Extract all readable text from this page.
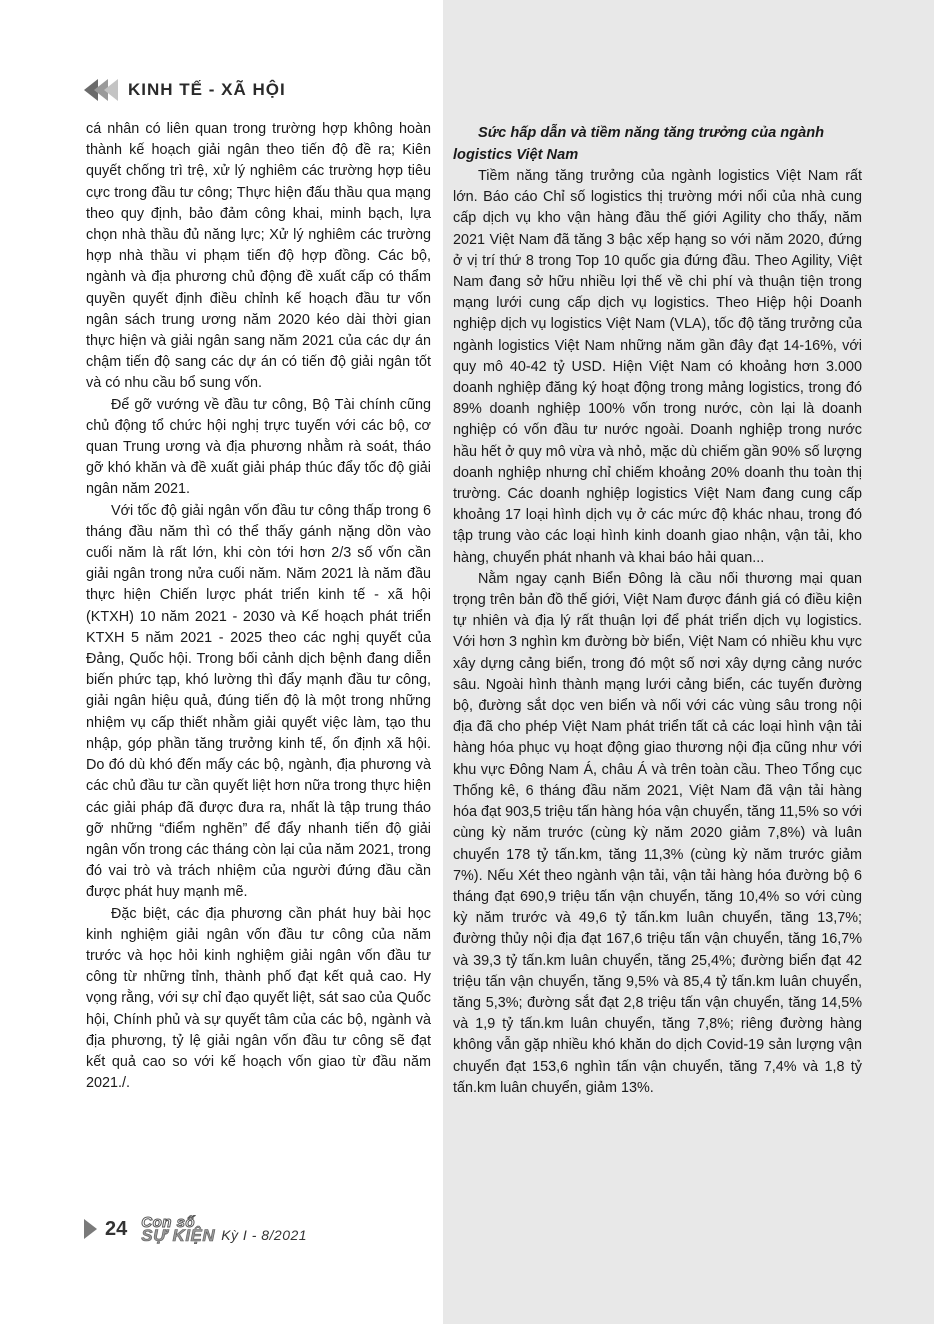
KINH TẾ - XÃ HỘI

cá nhân có liên quan trong trường hợp không hoàn thành kế hoạch giải ngân theo tiến độ đề ra; Kiên quyết chống trì trệ, xử lý nghiêm các trường hợp tiêu cực trong đầu tư công; Thực hiện đấu thầu qua mạng theo quy định, bảo đảm công khai, minh bạch, lựa chọn nhà thầu đủ năng lực; Xử lý nghiêm các trường hợp nhà thầu vi phạm tiến độ hợp đồng. Các bộ, ngành và địa phương chủ động đề xuất cấp có thẩm quyền quyết định điều chỉnh kế hoạch đầu tư vốn ngân sách trung ương năm 2020 kéo dài thời gian thực hiện và giải ngân sang năm 2021 của các dự án chậm tiến độ sang các dự án có tiến độ giải ngân tốt và có nhu cầu bổ sung vốn.

Để gỡ vướng về đầu tư công, Bộ Tài chính cũng chủ động tổ chức hội nghị trực tuyến với các bộ, cơ quan Trung ương và địa phương nhằm rà soát, tháo gỡ khó khăn và đề xuất giải pháp thúc đẩy tốc độ giải ngân năm 2021.

Với tốc độ giải ngân vốn đầu tư công thấp trong 6 tháng đầu năm thì có thể thấy gánh nặng dồn vào cuối năm là rất lớn, khi còn tới hơn 2/3 số vốn cần giải ngân trong nửa cuối năm. Năm 2021 là năm đầu thực hiện Chiến lược phát triển kinh tế - xã hội (KTXH) 10 năm 2021 - 2030 và Kế hoạch phát triển KTXH 5 năm 2021 - 2025 theo các nghị quyết của Đảng, Quốc hội. Trong bối cảnh dịch bệnh đang diễn biến phức tạp, khó lường thì đẩy mạnh đầu tư công, giải ngân hiệu quả, đúng tiến độ là một trong những nhiệm vụ cấp thiết nhằm giải quyết việc làm, tạo thu nhập, góp phần tăng trưởng kinh tế, ổn định xã hội. Do đó dù khó đến mấy các bộ, ngành, địa phương và các chủ đầu tư cần quyết liệt hơn nữa trong thực hiện các giải pháp đã được đưa ra, nhất là tập trung tháo gỡ những “điểm nghẽn” để đẩy nhanh tiến độ giải ngân vốn trong các tháng còn lại của năm 2021, trong đó vai trò và trách nhiệm của người đứng đầu cần được phát huy mạnh mẽ.

Đặc biệt, các địa phương cần phát huy bài học kinh nghiệm giải ngân vốn đầu tư công của năm trước và học hỏi kinh nghiệm giải ngân vốn đầu tư công từ những tỉnh, thành phố đạt kết quả cao. Hy vọng rằng, với sự chỉ đạo quyết liệt, sát sao của Quốc hội, Chính phủ và sự quyết tâm của các bộ, ngành và địa phương, tỷ lệ giải ngân vốn đầu tư công sẽ đạt kết quả cao so với kế hoạch vốn giao từ đầu năm 2021./.

Sức hấp dẫn và tiềm năng tăng trưởng của ngành logistics Việt Nam

Tiềm năng tăng trưởng của ngành logistics Việt Nam rất lớn. Báo cáo Chỉ số logistics thị trường mới nổi của nhà cung cấp dịch vụ kho vận hàng đầu thế giới Agility cho thấy, năm 2021 Việt Nam đã tăng 3 bậc xếp hạng so với năm 2020, đứng ở vị trí thứ 8 trong Top 10 quốc gia đứng đầu. Theo Agility, Việt Nam đang sở hữu nhiều lợi thế về chi phí và thuận tiện trong mạng lưới cung cấp dịch vụ logistics. Theo Hiệp hội Doanh nghiệp dịch vụ logistics Việt Nam (VLA), tốc độ tăng trưởng của ngành logistics Việt Nam những năm gần đây đạt 14-16%, với quy mô 40-42 tỷ USD. Hiện Việt Nam có khoảng hơn 3.000 doanh nghiệp đăng ký hoạt động trong mảng logistics, trong đó 89% doanh nghiệp 100% vốn trong nước, còn lại là doanh nghiệp có vốn đầu tư nước ngoài. Doanh nghiệp trong nước hầu hết ở quy mô vừa và nhỏ, mặc dù chiếm gần 90% số lượng doanh nghiệp nhưng chỉ chiếm khoảng 20% doanh thu toàn thị trường. Các doanh nghiệp logistics Việt Nam đang cung cấp khoảng 17 loại hình dịch vụ ở các mức độ khác nhau, trong đó tập trung vào các loại hình kinh doanh giao nhận, vận tải, kho hàng, chuyển phát nhanh và khai báo hải quan...

Nằm ngay cạnh Biển Đông là cầu nối thương mại quan trọng trên bản đồ thế giới, Việt Nam được đánh giá có điều kiện tự nhiên và địa lý rất thuận lợi để phát triển dịch vụ logistics. Với hơn 3 nghìn km đường bờ biển, Việt Nam có nhiều khu vực xây dựng cảng biển, trong đó một số nơi xây dựng cảng nước sâu. Ngoài hình thành mạng lưới cảng biển, các tuyến đường bộ, đường sắt dọc ven biển và nối với các vùng sâu trong nội địa đã cho phép Việt Nam phát triển tất cả các loại hình vận tải hàng hóa phục vụ hoạt động giao thương nội địa cũng như với khu vực Đông Nam Á, châu Á và trên toàn cầu. Theo Tổng cục Thống kê, 6 tháng đầu năm 2021, Việt Nam đã vận tải hàng hóa đạt 903,5 triệu tấn hàng hóa vận chuyển, tăng 11,5% so với cùng kỳ năm trước (cùng kỳ năm 2020 giảm 7,8%) và luân chuyển 178 tỷ tấn.km, tăng 11,3% (cùng kỳ năm trước giảm 7%). Nếu Xét theo ngành vận tải, vận tải hàng hóa đường bộ 6 tháng đạt 690,9 triệu tấn vận chuyển, tăng 10,4% so với cùng kỳ năm trước và 49,6 tỷ tấn.km luân chuyển, tăng 13,7%; đường thủy nội địa đạt 167,6 triệu tấn vận chuyển, tăng 16,7% và 39,3 tỷ tấn.km luân chuyển, tăng 25,4%; đường biển đạt 42 triệu tấn vận chuyển, tăng 9,5% và 85,4 tỷ tấn.km luân chuyển, tăng 5,3%; đường sắt đạt 2,8 triệu tấn vận chuyển, tăng 14,5% và 1,9 tỷ tấn.km luân chuyển, tăng 7,8%; riêng đường hàng không vẫn gặp nhiều khó khăn do dịch Covid-19 sản lượng vận chuyển đạt 153,6 nghìn tấn vận chuyển, tăng 7,4% và 1,8 tỷ tấn.km luân chuyển, giảm 13%.

24 Con số
SỰ KIỆN Kỳ I - 8/2021
